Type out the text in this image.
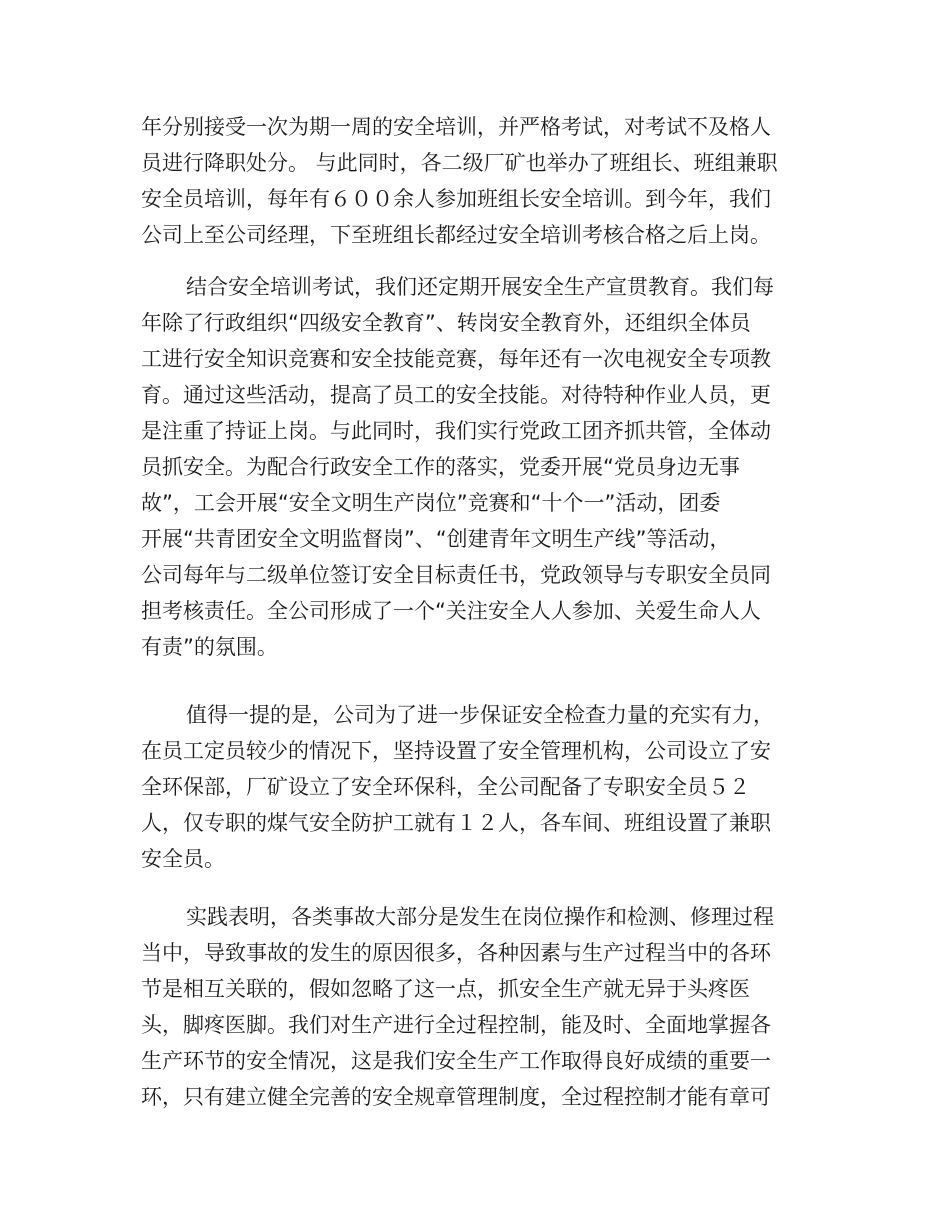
年分别接受一次为期一周的安全培训，并严格考试，对考试不及格人
员进行降职处分。 与此同时，各二级厂矿也举办了班组长、班组兼职
安全员培训，每年有６００余人参加班组长安全培训。到今年，我们
公司上至公司经理，下至班组长都经过安全培训考核合格之后上岗。
结合安全培训考试，我们还定期开展安全生产宣贯教育。我们每
年除了行政组织“四级安全教育”、转岗安全教育外，还组织全体员
工进行安全知识竞赛和安全技能竞赛，每年还有一次电视安全专项教
育。通过这些活动，提高了员工的安全技能。对待特种作业人员，更
是注重了持证上岗。与此同时，我们实行党政工团齐抓共管，全体动
员抓安全。为配合行政安全工作的落实，党委开展“党员身边无事
故”，工会开展“安全文明生产岗位”竞赛和“十个一”活动，团委
开展“共青团安全文明监督岗”、“创建青年文明生产线”等活动，
公司每年与二级单位签订安全目标责任书，党政领导与专职安全员同
担考核责任。全公司形成了一个“关注安全人人参加、关爱生命人人
有责”的氛围。
值得一提的是，公司为了进一步保证安全检查力量的充实有力，
在员工定员较少的情况下，坚持设置了安全管理机构，公司设立了安
全环保部，厂矿设立了安全环保科，全公司配备了专职安全员５２
人，仅专职的煤气安全防护工就有１２人，各车间、班组设置了兼职
安全员。
实践表明，各类事故大部分是发生在岗位操作和检测、修理过程
当中，导致事故的发生的原因很多，各种因素与生产过程当中的各环
节是相互关联的，假如忽略了这一点，抓安全生产就无异于头疼医
头，脚疼医脚。我们对生产进行全过程控制，能及时、全面地掌握各
生产环节的安全情况，这是我们安全生产工作取得良好成绩的重要一
环，只有建立健全完善的安全规章管理制度，全过程控制才能有章可
